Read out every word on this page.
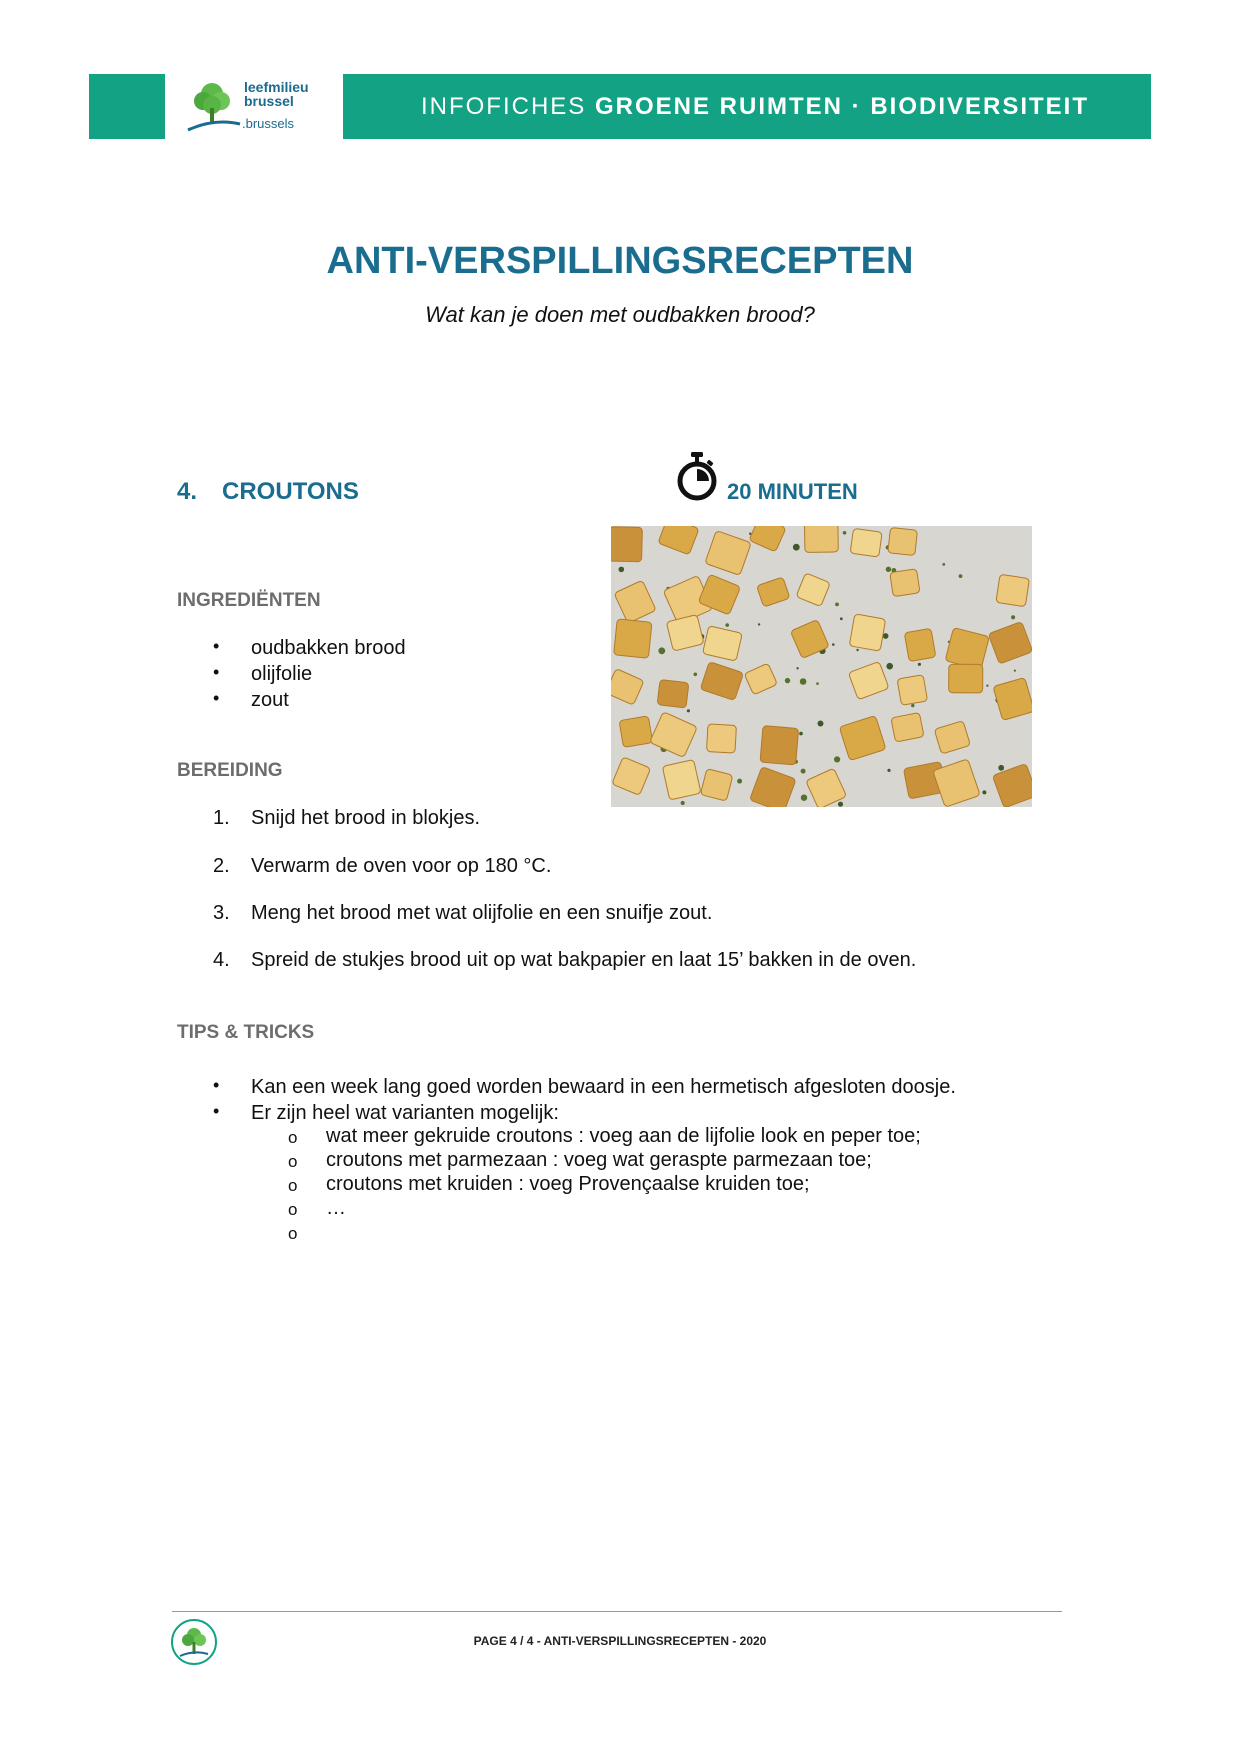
INFOFICHES GROENE RUIMTEN · BIODIVERSITEIT
leefmilieu
brussel
.brussels
ANTI-VERSPILLINGSRECEPTEN
Wat kan je doen met oudbakken brood?
4. CROUTONS	20 MINUTEN
INGREDIËNTEN
• oudbakken brood
• olijfolie
• zout
BEREIDING
1. Snijd het brood in blokjes.
2. Verwarm de oven voor op 180 °C.
3. Meng het brood met wat olijfolie en een snuifje zout.
4. Spreid de stukjes brood uit op wat bakpapier en laat 15’ bakken in de oven.
TIPS & TRICKS
• Kan een week lang goed worden bewaard in een hermetisch afgesloten doosje.
• Er zijn heel wat varianten mogelijk:
o wat meer gekruide croutons : voeg aan de lijfolie look en peper toe;
o croutons met parmezaan : voeg wat geraspte parmezaan toe;
o croutons met kruiden : voeg Provençaalse kruiden toe;
o …
o
PAGE 4 / 4 - ANTI-VERSPILLINGSRECEPTEN - 2020
